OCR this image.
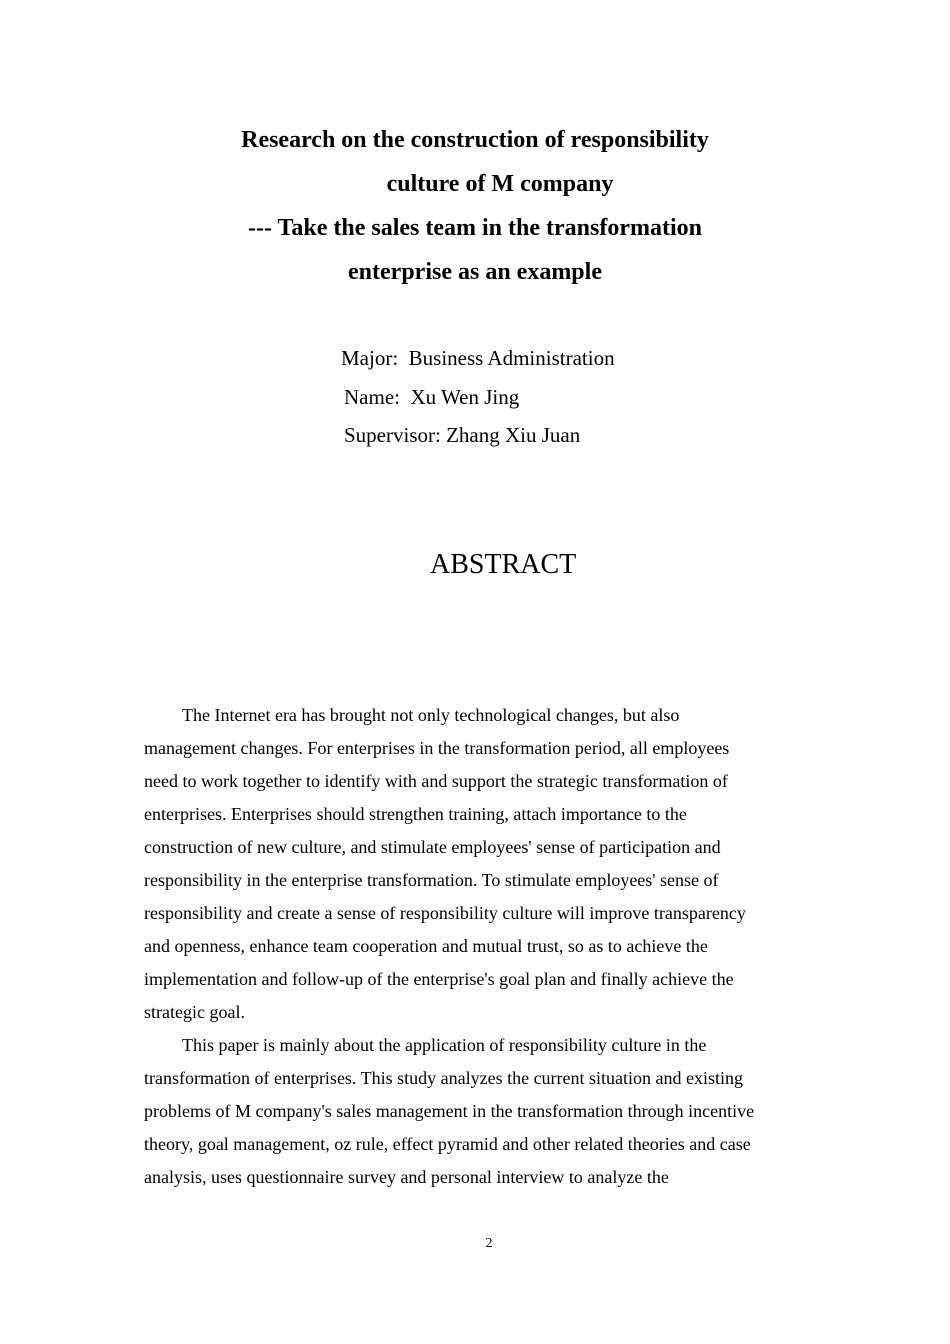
Research on the construction of responsibility
culture of M company
--- Take the sales team in the transformation
enterprise as an example
Major:  Business Administration
Name:  Xu Wen Jing
Supervisor: Zhang Xiu Juan
ABSTRACT
The Internet era has brought not only technological changes, but also
management changes. For enterprises in the transformation period, all employees
need to work together to identify with and support the strategic transformation of
enterprises. Enterprises should strengthen training, attach importance to the
construction of new culture, and stimulate employees' sense of participation and
responsibility in the enterprise transformation. To stimulate employees' sense of
responsibility and create a sense of responsibility culture will improve transparency
and openness, enhance team cooperation and mutual trust, so as to achieve the
implementation and follow-up of the enterprise's goal plan and finally achieve the
strategic goal.
This paper is mainly about the application of responsibility culture in the
transformation of enterprises. This study analyzes the current situation and existing
problems of M company's sales management in the transformation through incentive
theory, goal management, oz rule, effect pyramid and other related theories and case
analysis, uses questionnaire survey and personal interview to analyze the
2
